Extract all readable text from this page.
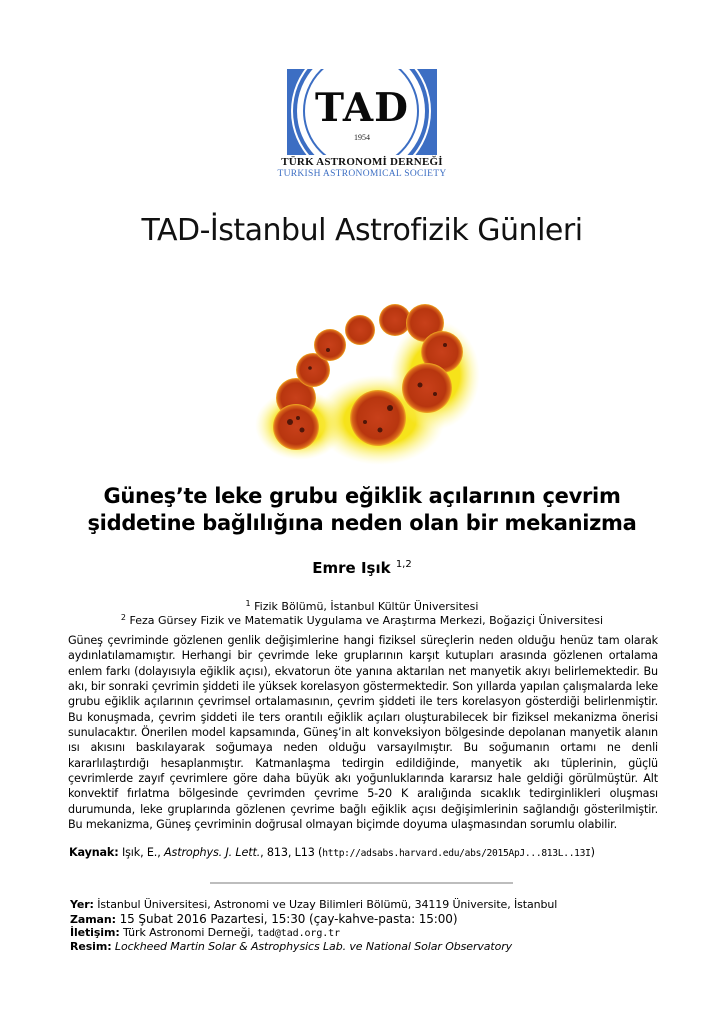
TAD
1954
TÜRK ASTRONOMİ DERNEĞİ
TURKISH ASTRONOMICAL SOCIETY
TAD-İstanbul Astrofizik Günleri
Güneş’te leke grubu eğiklik açılarının çevrim
şiddetine bağlılığına neden olan bir mekanizma
Emre Işık $^{1,2}$
$^1$ Fizik Bölümü, İstanbul Kültür Üniversitesi
$^2$ Feza Gürsey Fizik ve Matematik Uygulama ve Araştırma Merkezi, Boğaziçi Üniversitesi

Güneş çevriminde gözlenen genlik değişimlerine hangi fiziksel süreçlerin neden olduğu henüz tam olarak aydınlatılamamıştır. Herhangi bir çevrimde leke gruplarının karşıt kutupları arasında gözlenen ortalama enlem farkı (dolayısıyla eğiklik açısı), ekvatorun öte yanına aktarılan net manyetik akıyı belirlemektedir. Bu akı, bir sonraki çevrimin şiddeti ile yüksek korelasyon göstermektedir. Son yıllarda yapılan çalışmalarda leke grubu eğiklik açılarının çevrimsel ortalamasının, çevrim şiddeti ile ters korelasyon gösterdiği belirlenmiştir. Bu konuşmada, çevrim şiddeti ile ters orantılı eğiklik açıları oluşturabilecek bir fiziksel mekanizma önerisi sunulacaktır. Önerilen model kapsamında, Güneş’in alt konveksiyon bölgesinde depolanan manyetik alanın ısı akısını baskılayarak soğumaya neden olduğu varsayılmıştır. Bu soğumanın ortamı ne denli kararlılaştırdığı hesaplanmıştır. Katmanlaşma tedirgin edildiğinde, manyetik akı tüplerinin, güçlü çevrimlerde zayıf çevrimlere göre daha büyük akı yoğunluklarında kararsız hale geldiği görülmüştür. Alt konvektif fırlatma bölgesinde çevrimden çevrime 5-20 K aralığında sıcaklık tedirginlikleri oluşması durumunda, leke gruplarında gözlenen çevrime bağlı eğiklik açısı değişimlerinin sağlandığı gösterilmiştir. Bu mekanizma, Güneş çevriminin doğrusal olmayan biçimde doyuma ulaşmasından sorumlu olabilir.

Kaynak: Işık, E., Astrophys. J. Lett., 813, L13 (http://adsabs.harvard.edu/abs/2015ApJ...813L..13I)
Yer: İstanbul Üniversitesi, Astronomi ve Uzay Bilimleri Bölümü, 34119 Üniversite, İstanbul
Zaman: 15 Şubat 2016 Pazartesi, 15:30 (çay-kahve-pasta: 15:00)
İletişim: Türk Astronomi Derneği, tad@tad.org.tr
Resim: Lockheed Martin Solar & Astrophysics Lab. ve National Solar Observatory
